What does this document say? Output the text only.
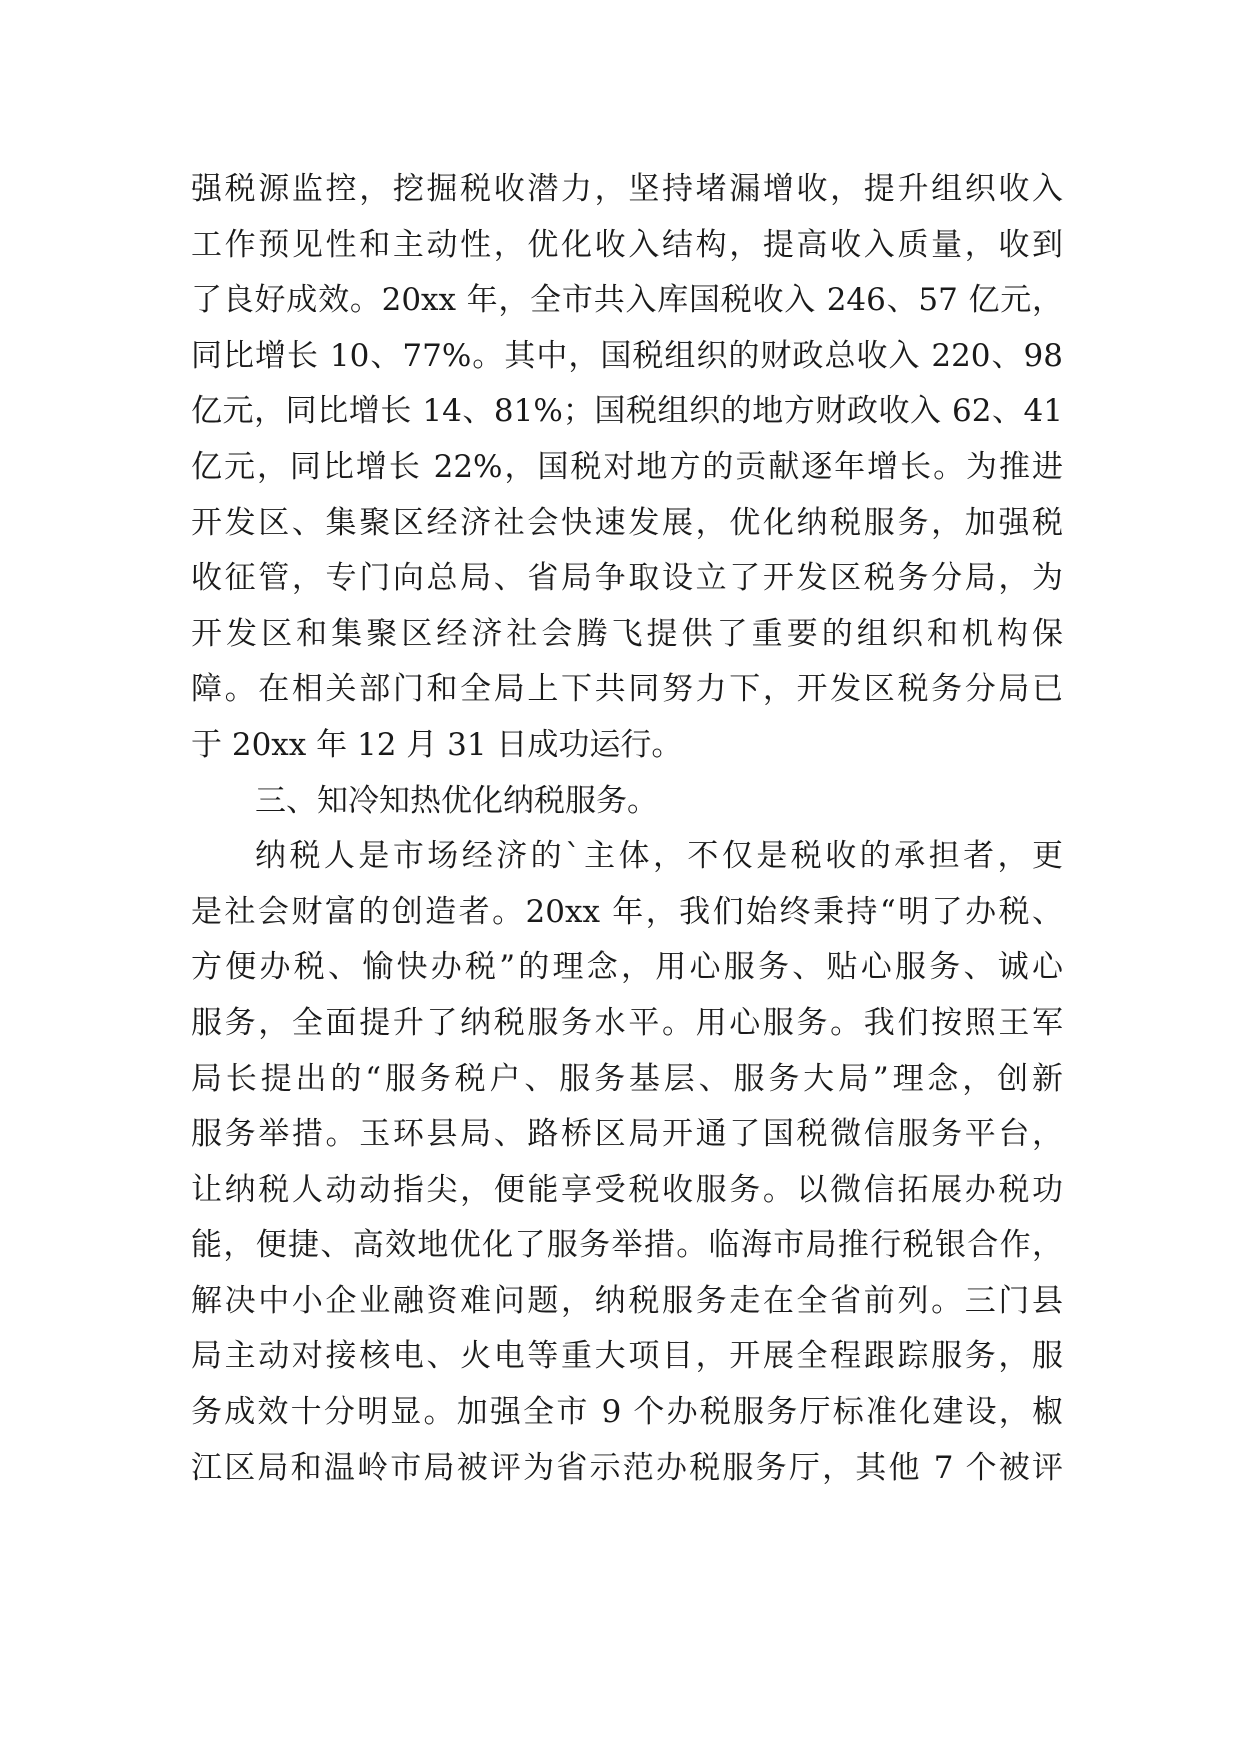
强税源监控，挖掘税收潜力，坚持堵漏增收，提升组织收入
工作预见性和主动性，优化收入结构，提高收入质量，收到
了良好成效。20xx 年，全市共入库国税收入 246、57 亿元，
同比增长 10、77%。其中，国税组织的财政总收入 220、98
亿元，同比增长 14、81%；国税组织的地方财政收入 62、41
亿元，同比增长 22%，国税对地方的贡献逐年增长。为推进
开发区、集聚区经济社会快速发展，优化纳税服务，加强税
收征管，专门向总局、省局争取设立了开发区税务分局，为
开发区和集聚区经济社会腾飞提供了重要的组织和机构保
障。在相关部门和全局上下共同努力下，开发区税务分局已
于 20xx 年 12 月 31 日成功运行。
三、知冷知热优化纳税服务。
纳税人是市场经济的`主体，不仅是税收的承担者，更
是社会财富的创造者。20xx 年，我们始终秉持“明了办税、
方便办税、愉快办税”的理念，用心服务、贴心服务、诚心
服务，全面提升了纳税服务水平。用心服务。我们按照王军
局长提出的“服务税户、服务基层、服务大局”理念，创新
服务举措。玉环县局、路桥区局开通了国税微信服务平台，
让纳税人动动指尖，便能享受税收服务。以微信拓展办税功
能，便捷、高效地优化了服务举措。临海市局推行税银合作，
解决中小企业融资难问题，纳税服务走在全省前列。三门县
局主动对接核电、火电等重大项目，开展全程跟踪服务，服
务成效十分明显。加强全市 9 个办税服务厅标准化建设，椒
江区局和温岭市局被评为省示范办税服务厅，其他 7 个被评
